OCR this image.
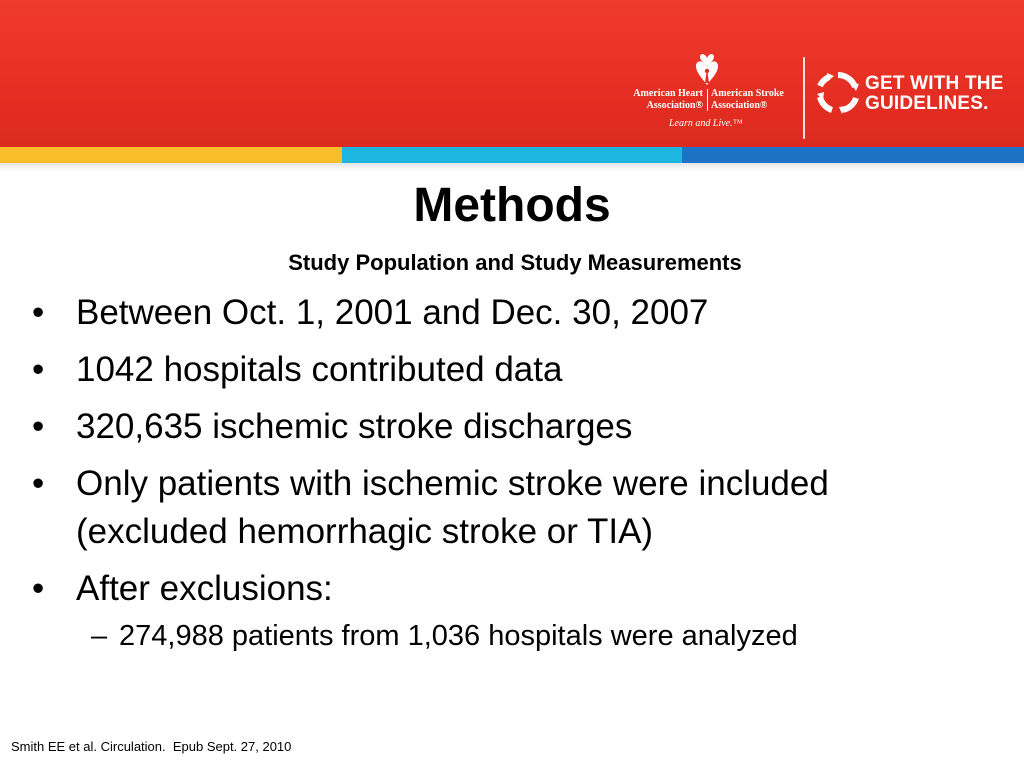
American Heart
Association®
American Stroke
Association®
Learn and Live.™
GET WITH THE
GUIDELINES.
Methods
Study Population and Study Measurements
• Between Oct. 1, 2001 and Dec. 30, 2007
• 1042 hospitals contributed data
• 320,635 ischemic stroke discharges
• Only patients with ischemic stroke were included
(excluded hemorrhagic stroke or TIA)
• After exclusions:
– 274,988 patients from 1,036 hospitals were analyzed
Smith EE et al. Circulation.  Epub Sept. 27, 2010
